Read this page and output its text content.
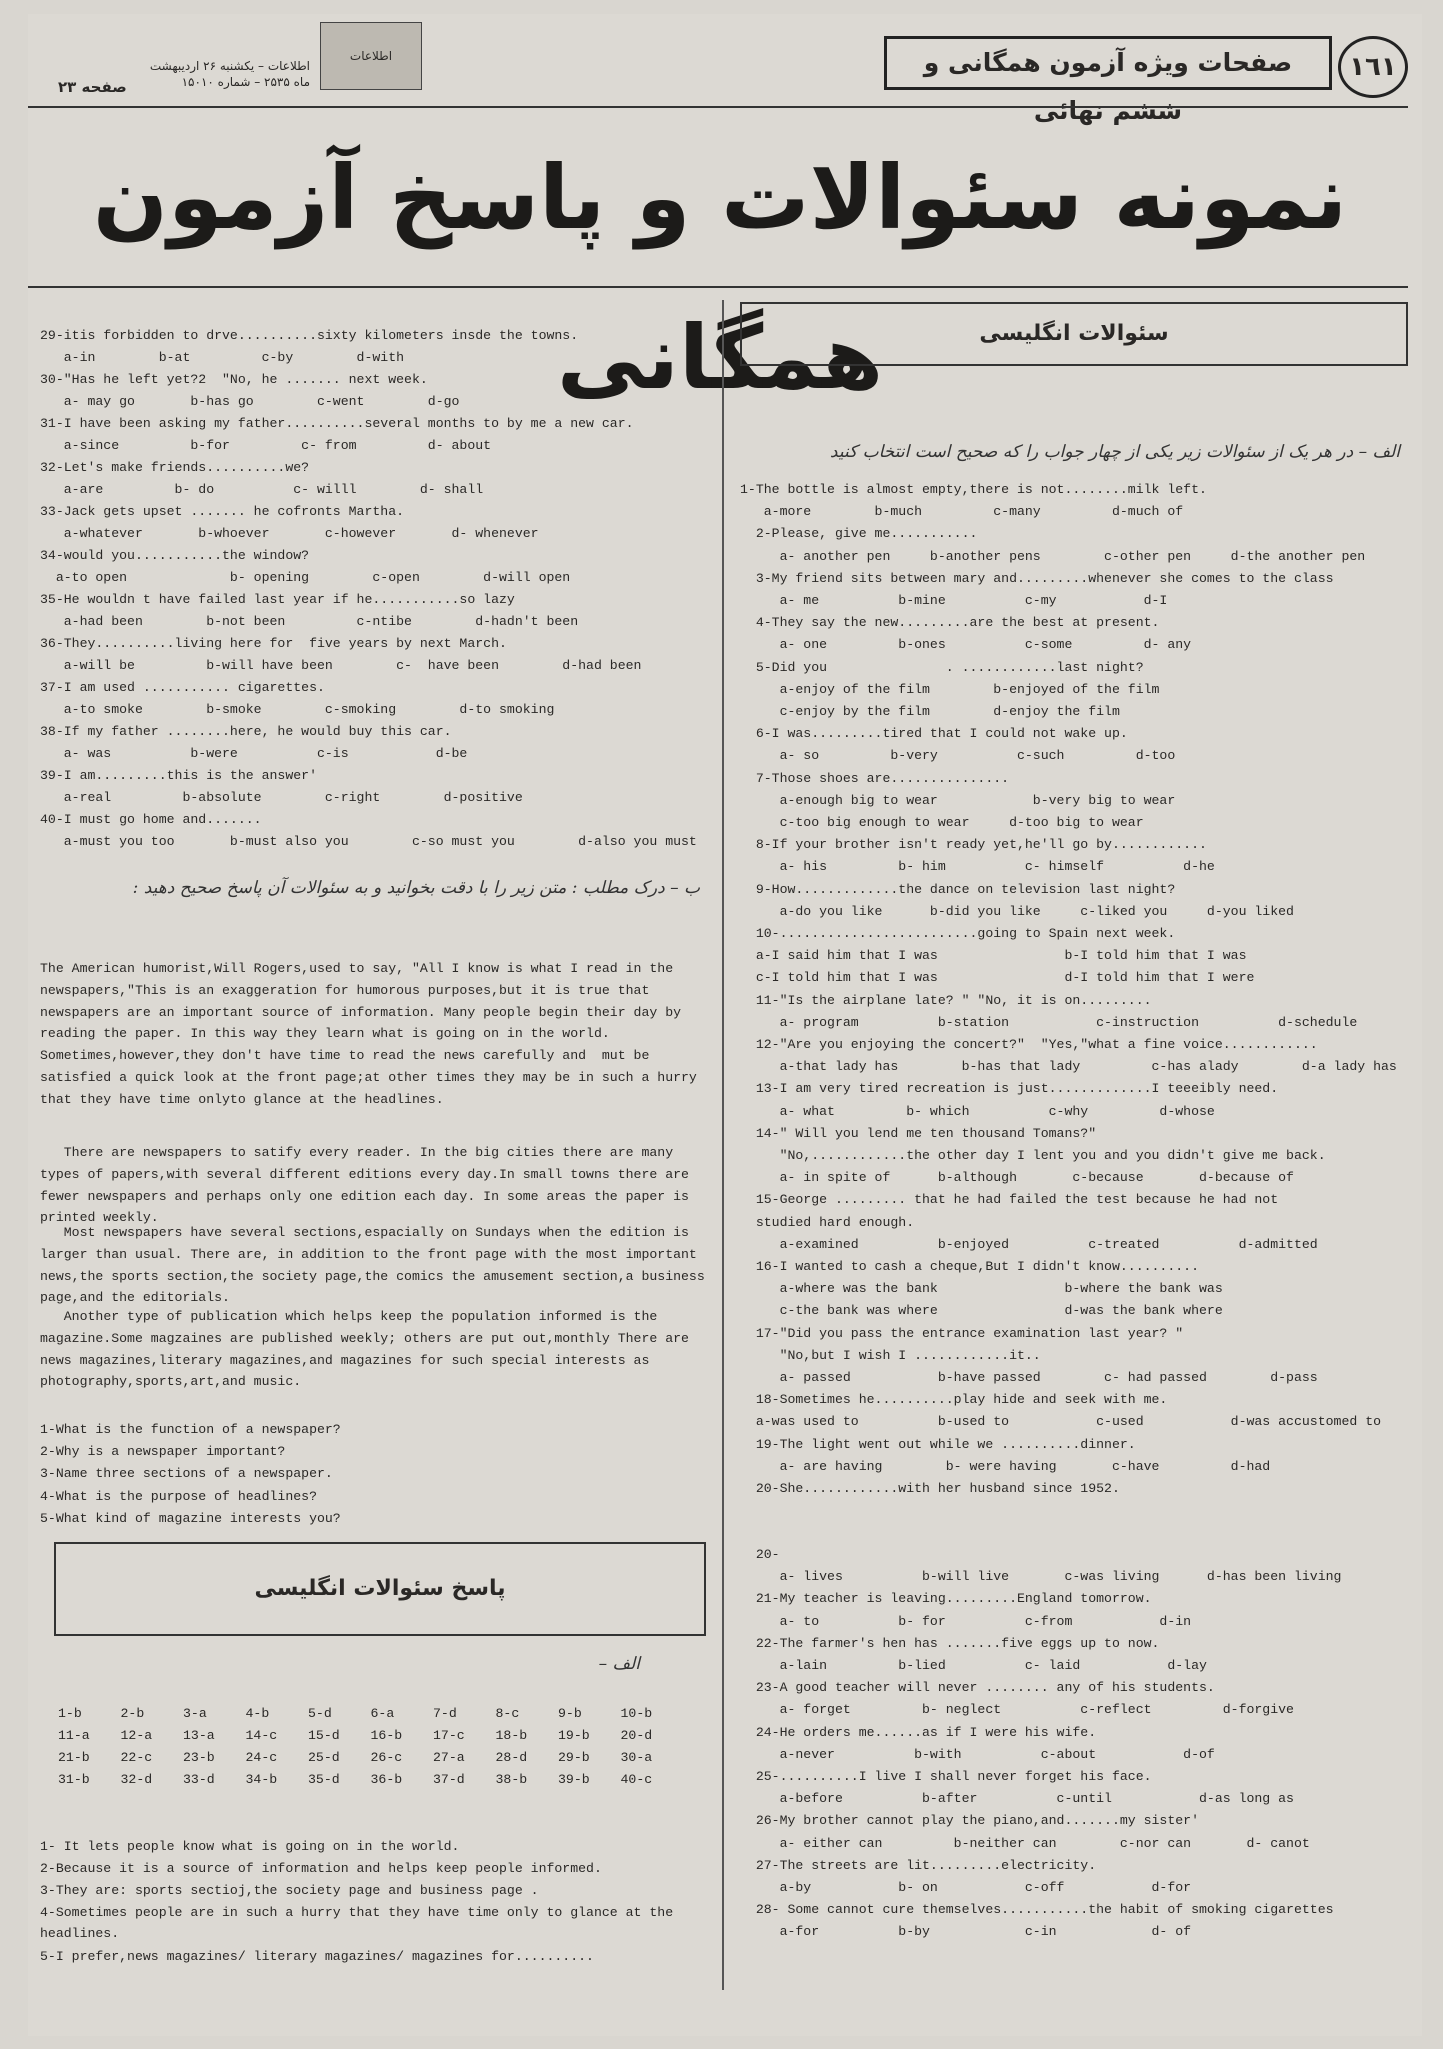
١٦١
صفحات ویژه آزمون همگانی و ششم نهائی
اطلاعات
اطلاعات – یکشنبه ۲۶ اردیبهشت
ماه ۲۵۳۵ – شماره ۱۵۰۱۰
صفحه ۲۳
نمونه سئوالات و پاسخ آزمون همگانی	سئوالات انگلیسی
الف – در هر یک از سئوالات زیر یکی از چهار جواب را که صحیح است انتخاب کنید
1-The bottle is almost empty,there is not........milk left.
a-more        b-much         c-many         d-much of
2-Please, give me...........
a- another pen     b-another pens        c-other pen     d-the another pen
3-My friend sits between mary and.........whenever she comes to the class
a- me          b-mine          c-my           d-I
4-They say the new.........are the best at present.
a- one         b-ones          c-some         d- any
5-Did you               . ............last night?
a-enjoy of the film        b-enjoyed of the film
c-enjoy by the film        d-enjoy the film
6-I was.........tired that I could not wake up.
a- so         b-very          c-such         d-too
7-Those shoes are...............
a-enough big to wear            b-very big to wear
c-too big enough to wear     d-too big to wear
8-If your brother isn't ready yet,he'll go by............
a- his         b- him          c- himself          d-he
9-How.............the dance on television last night?
a-do you like      b-did you like     c-liked you     d-you liked
10-.........................going to Spain next week.
a-I said him that I was                b-I told him that I was
c-I told him that I was                d-I told him that I were
11-"Is the airplane late? " "No, it is on.........
a- program          b-station           c-instruction          d-schedule
12-"Are you enjoying the concert?"  "Yes,"what a fine voice............
a-that lady has        b-has that lady         c-has alady        d-a lady has
13-I am very tired recreation is just.............I teeeibly need.
a- what         b- which          c-why         d-whose
14-" Will you lend me ten thousand Tomans?"
"No,............the other day I lent you and you didn't give me back.
a- in spite of      b-although       c-because       d-because of
15-George ......... that he had failed the test because he had not
studied hard enough.
a-examined          b-enjoyed          c-treated          d-admitted
16-I wanted to cash a cheque,But I didn't know..........
a-where was the bank                b-where the bank was
c-the bank was where                d-was the bank where
17-"Did you pass the entrance examination last year? "
"No,but I wish I ............it..
a- passed           b-have passed        c- had passed        d-pass
18-Sometimes he..........play hide and seek with me.
a-was used to          b-used to           c-used           d-was accustomed to
19-The light went out while we ..........dinner.
a- are having        b- were having       c-have         d-had
20-She............with her husband since 1952.
20-
a- lives          b-will live       c-was living      d-has been living
21-My teacher is leaving.........England tomorrow.
a- to          b- for          c-from           d-in
22-The farmer's hen has .......five eggs up to now.
a-lain         b-lied          c- laid           d-lay
23-A good teacher will never ........ any of his students.
a- forget         b- neglect          c-reflect         d-forgive
24-He orders me......as if I were his wife.
a-never          b-with          c-about           d-of
25-..........I live I shall never forget his face.
a-before          b-after          c-until           d-as long as
26-My brother cannot play the piano,and.......my sister'
a- either can         b-neither can        c-nor can       d- canot
27-The streets are lit.........electricity.
a-by           b- on           c-off           d-for
28- Some cannot cure themselves...........the habit of smoking cigarettes
a-for          b-by            c-in            d- of
29-itis forbidden to drve..........sixty kilometers insde the towns.
a-in        b-at         c-by        d-with
30-"Has he left yet?2  "No, he ....... next week.
a- may go       b-has go        c-went        d-go
31-I have been asking my father..........several months to by me a new car.
a-since         b-for         c- from         d- about
32-Let's make friends..........we?
a-are         b- do          c- willl        d- shall
33-Jack gets upset ....... he cofronts Martha.
a-whatever       b-whoever       c-however       d- whenever
34-would you...........the window?
a-to open             b- opening        c-open        d-will open
35-He wouldn t have failed last year if he...........so lazy
a-had been        b-not been         c-ntibe        d-hadn't been
36-They..........living here for  five years by next March.
a-will be         b-will have been        c-  have been        d-had been
37-I am used ........... cigarettes.
a-to smoke        b-smoke        c-smoking        d-to smoking
38-If my father ........here, he would buy this car.
a- was          b-were          c-is           d-be
39-I am.........this is the answer'
a-real         b-absolute        c-right        d-positive
40-I must go home and.......
a-must you too       b-must also you        c-so must you        d-also you must
ب – درک مطلب : متن زیر را با دقت بخوانید و به سئوالات آن پاسخ صحیح دهید :
The American humorist,Will Rogers,used to say, "All I know is what I read in the newspapers,"This is an exaggeration for humorous purposes,but it is true that newspapers are an important source of information. Many people begin their day by reading the paper. In this way they learn what is going on in the world. Sometimes,however,they don't have time to read the news carefully and  mut be satisfied a quick look at the front page;at other times they may be in such a hurry that they have time onlyto glance at the headlines.
There are newspapers to satify every reader. In the big cities there are many types of papers,with several different editions every day.In small towns there are fewer newspapers and perhaps only one edition each day. In some areas the paper is printed weekly.
Most newspapers have several sections,espacially on Sundays when the edition is larger than usual. There are, in addition to the front page with the most important news,the sports section,the society page,the comics the amusement section,a business page,and the editorials.
Another type of publication which helps keep the population informed is the magazine.Some magzaines are published weekly; others are put out,monthly There are news magazines,literary magazines,and magazines for such special interests as photography,sports,art,and music.
1-What is the function of a newspaper?
2-Why is a newspaper important?
3-Name three sections of a newspaper.
4-What is the purpose of headlines?
5-What kind of magazine interests you?
پاسخ سئوالات انگلیسی
الف –
1-b	2-b	3-a	4-b	5-d	6-a	7-d	8-c	9-b	10-b
11-a 12-a 13-a 14-c 15-d 16-b 17-c 18-b 19-b 20-d
21-b 22-c 23-b 24-c 25-d 26-c 27-a 28-d 29-b 30-a
31-b 32-d 33-d 34-b 35-d 36-b 37-d 38-b 39-b 40-c
1- It lets people know what is going on in the world.
2-Because it is a source of information and helps keep people informed.
3-They are: sports sectioj,the society page and business page .
4-Sometimes people are in such a hurry that they have time only to glance at the headlines.
5-I prefer,news magazines/ literary magazines/ magazines for..........
